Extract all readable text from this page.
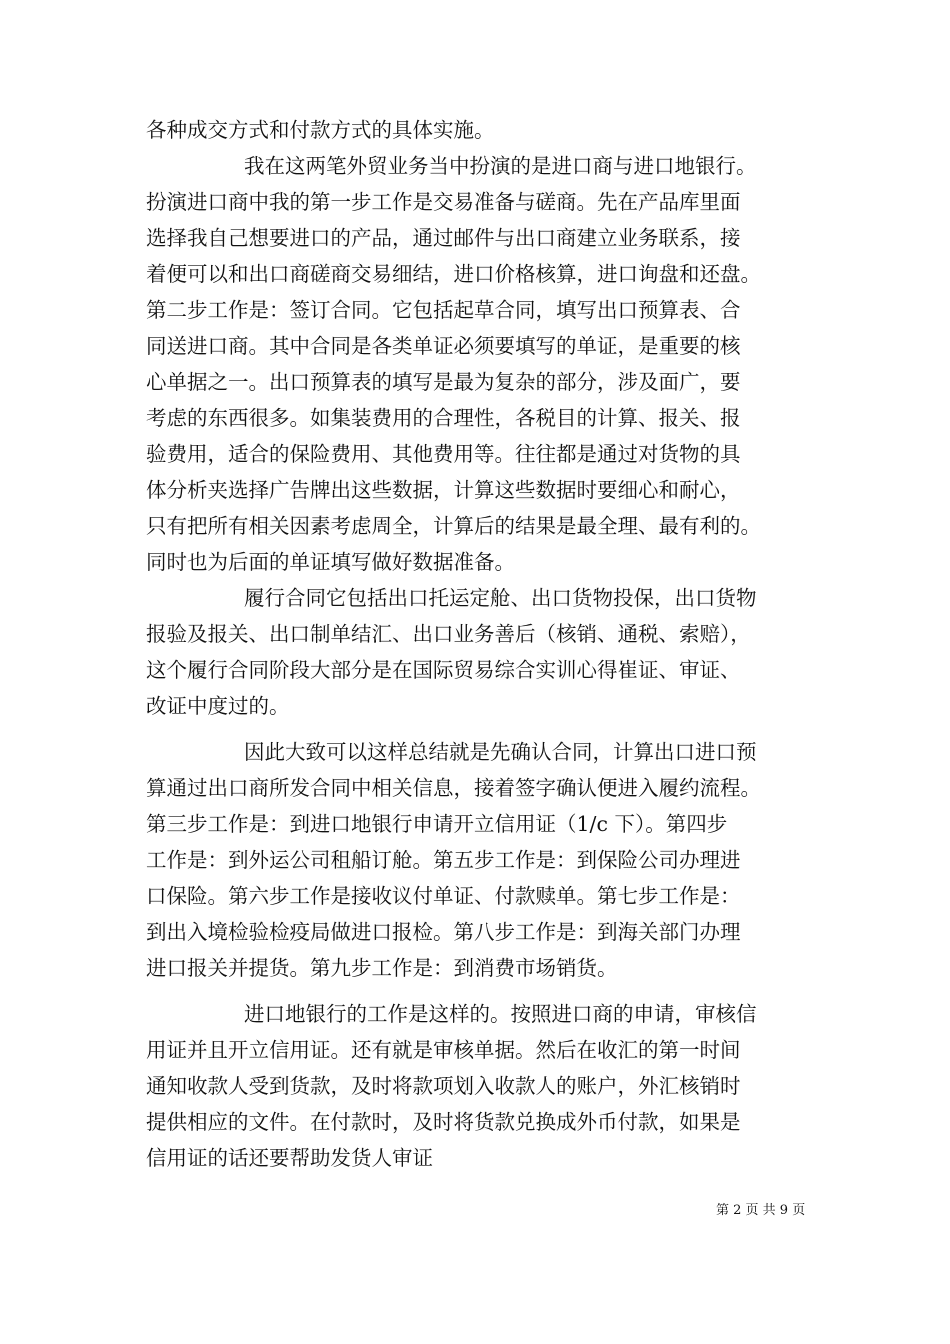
各种成交方式和付款方式的具体实施。
我在这两笔外贸业务当中扮演的是进口商与进口地银行。
扮演进口商中我的第一步工作是交易准备与磋商。先在产品库里面
选择我自己想要进口的产品，通过邮件与出口商建立业务联系，接
着便可以和出口商磋商交易细结，进口价格核算，进口询盘和还盘。
第二步工作是：签订合同。它包括起草合同，填写出口预算表、合
同送进口商。其中合同是各类单证必须要填写的单证，是重要的核
心单据之一。出口预算表的填写是最为复杂的部分，涉及面广，要
考虑的东西很多。如集装费用的合理性，各税目的计算、报关、报
验费用，适合的保险费用、其他费用等。往往都是通过对货物的具
体分析夹选择广告牌出这些数据，计算这些数据时要细心和耐心，
只有把所有相关因素考虑周全，计算后的结果是最全理、最有利的。
同时也为后面的单证填写做好数据准备。
履行合同它包括出口托运定舱、出口货物投保，出口货物
报验及报关、出口制单结汇、出口业务善后（核销、通税、索赔），
这个履行合同阶段大部分是在国际贸易综合实训心得崔证、审证、
改证中度过的。
因此大致可以这样总结就是先确认合同，计算出口进口预
算通过出口商所发合同中相关信息，接着签字确认便进入履约流程。
第三步工作是：到进口地银行申请开立信用证（1/c 下）。第四步
工作是：到外运公司租船订舱。第五步工作是：到保险公司办理进
口保险。第六步工作是接收议付单证、付款赎单。第七步工作是：
到出入境检验检疫局做进口报检。第八步工作是：到海关部门办理
进口报关并提货。第九步工作是：到消费市场销货。
进口地银行的工作是这样的。按照进口商的申请，审核信
用证并且开立信用证。还有就是审核单据。然后在收汇的第一时间
通知收款人受到货款，及时将款项划入收款人的账户，外汇核销时
提供相应的文件。在付款时，及时将货款兑换成外币付款，如果是
信用证的话还要帮助发货人审证
第 2 页 共 9 页
